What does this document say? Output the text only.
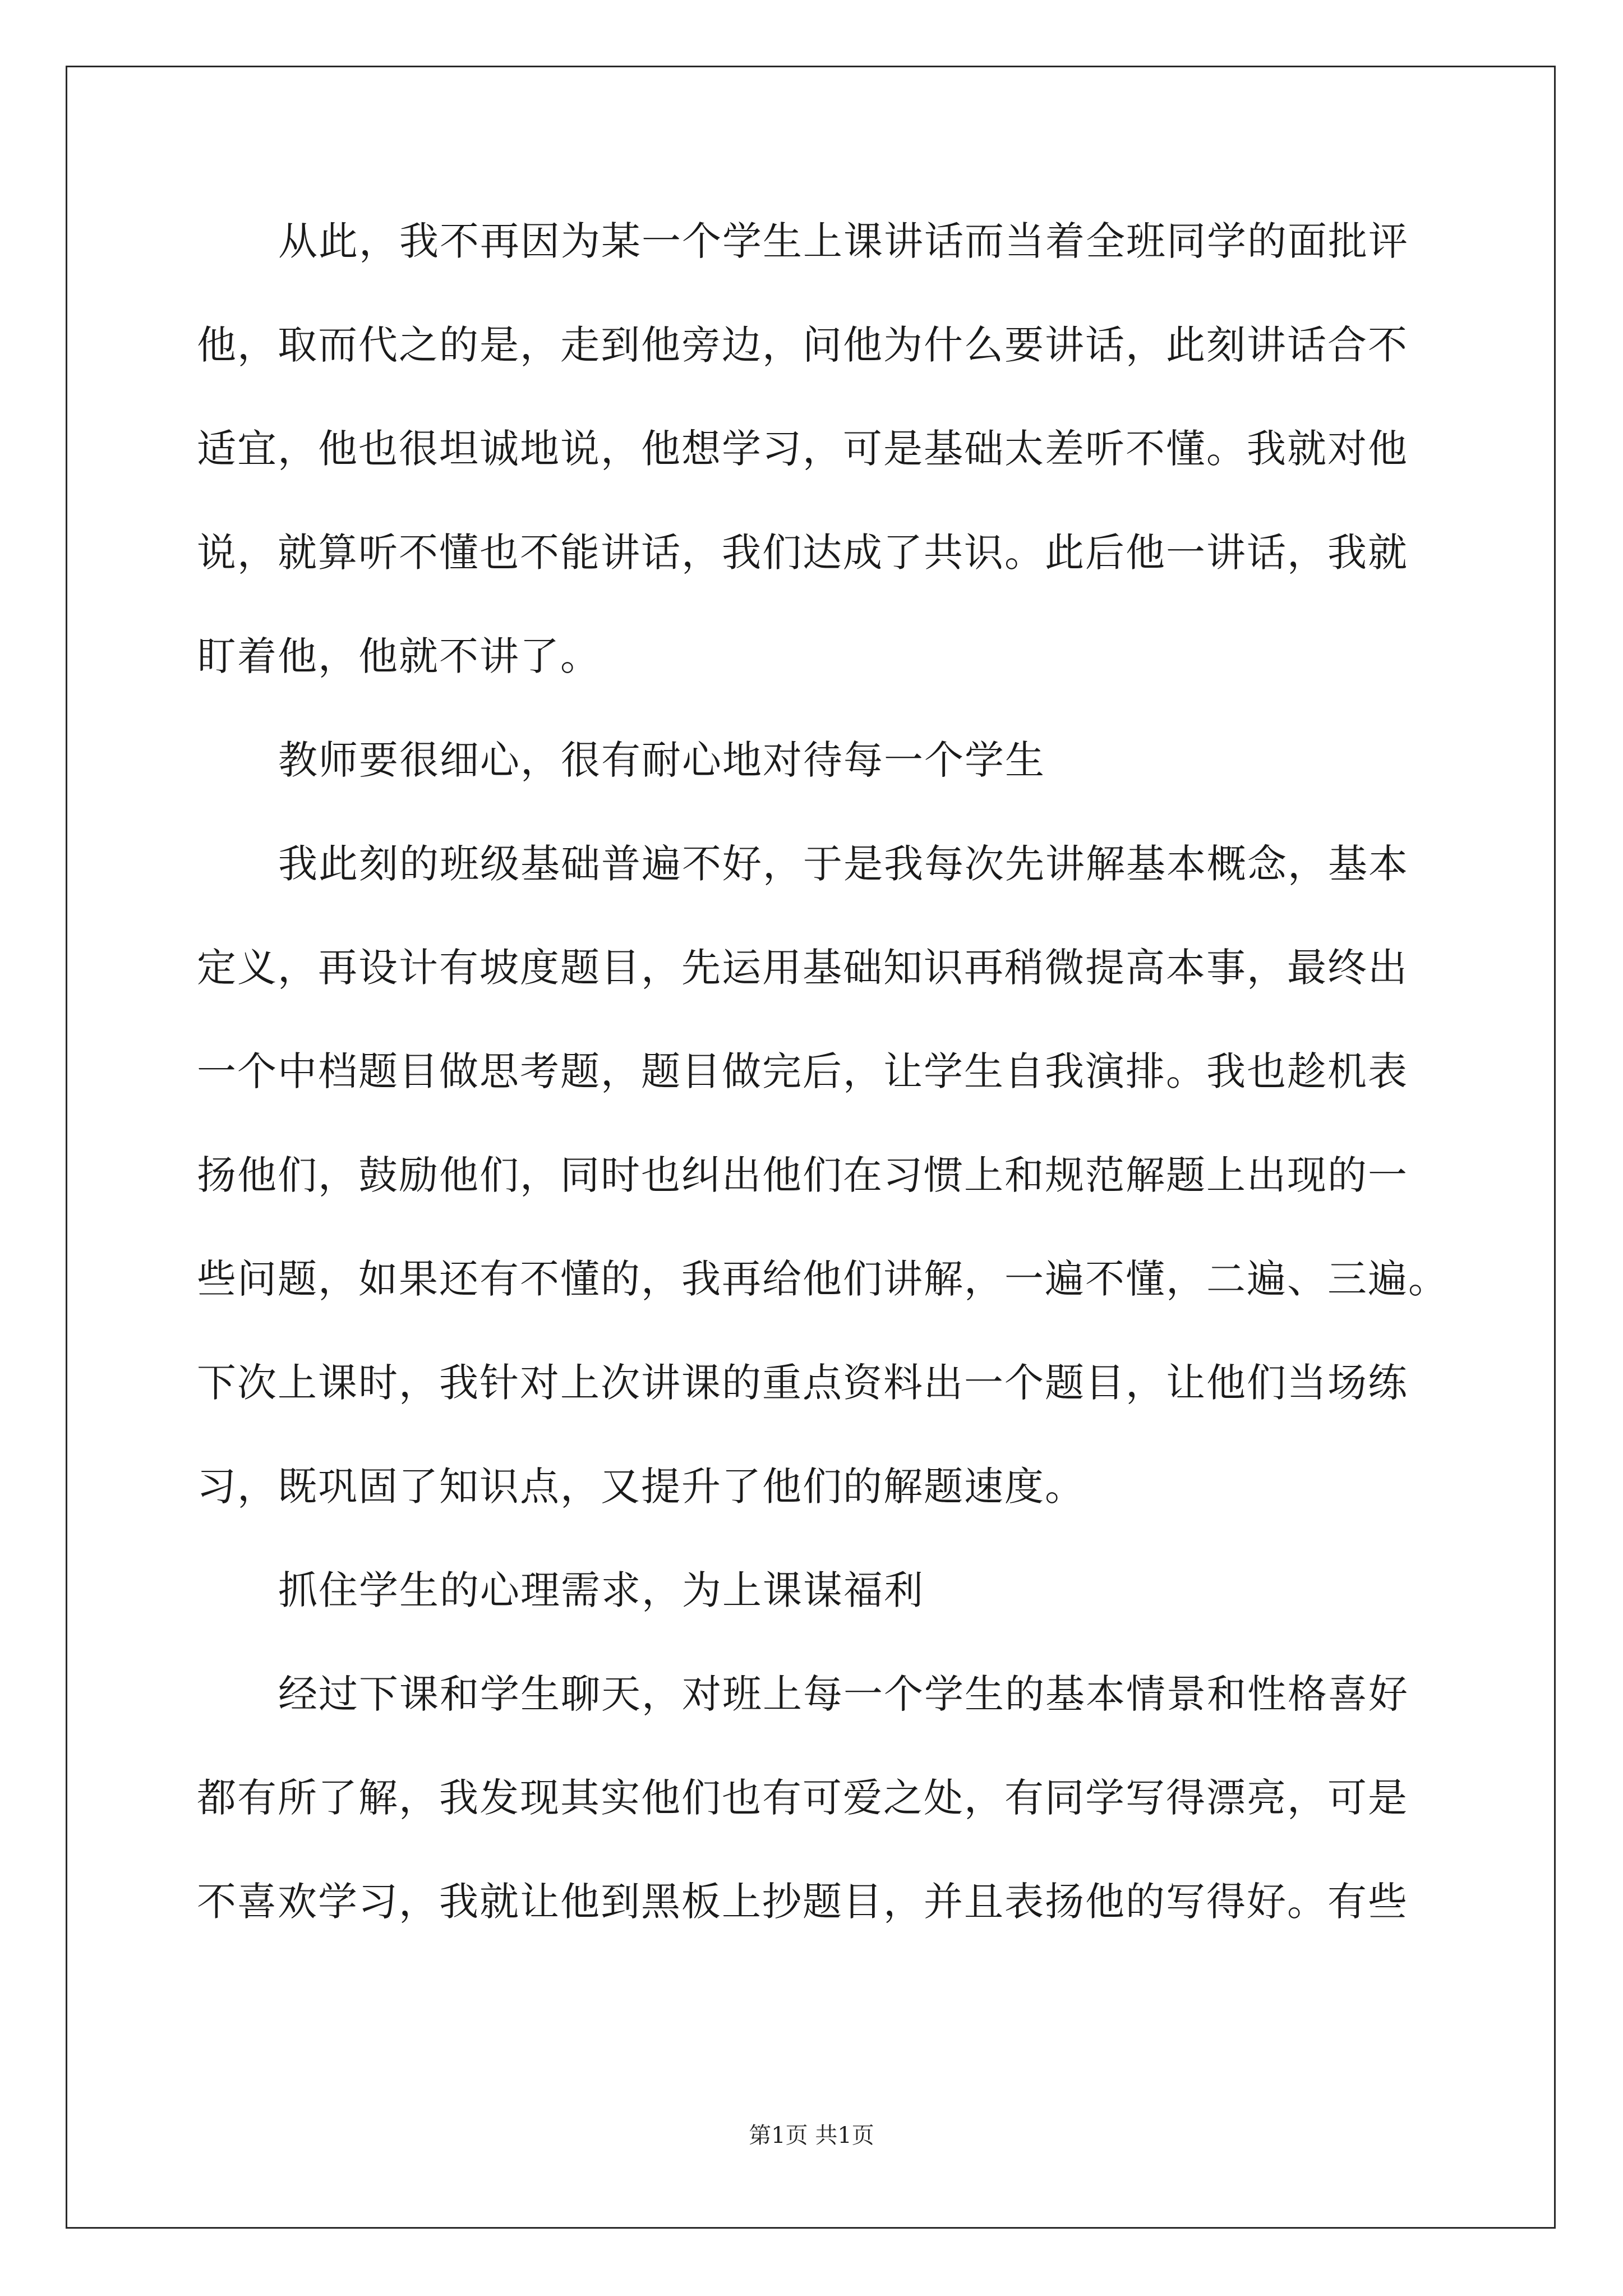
从此，我不再因为某一个学生上课讲话而当着全班同学的面批评
他，取而代之的是，走到他旁边，问他为什么要讲话，此刻讲话合不
适宜，他也很坦诚地说，他想学习，可是基础太差听不懂。我就对他
说，就算听不懂也不能讲话，我们达成了共识。此后他一讲话，我就
盯着他，他就不讲了。
教师要很细心，很有耐心地对待每一个学生
我此刻的班级基础普遍不好，于是我每次先讲解基本概念，基本
定义，再设计有坡度题目，先运用基础知识再稍微提高本事，最终出
一个中档题目做思考题，题目做完后，让学生自我演排。我也趁机表
扬他们，鼓励他们，同时也纠出他们在习惯上和规范解题上出现的一
些问题，如果还有不懂的，我再给他们讲解，一遍不懂，二遍、三遍。
下次上课时，我针对上次讲课的重点资料出一个题目，让他们当场练
习，既巩固了知识点，又提升了他们的解题速度。
抓住学生的心理需求，为上课谋福利
经过下课和学生聊天，对班上每一个学生的基本情景和性格喜好
都有所了解，我发现其实他们也有可爱之处，有同学写得漂亮，可是
不喜欢学习，我就让他到黑板上抄题目，并且表扬他的写得好。有些
第1页 共1页
